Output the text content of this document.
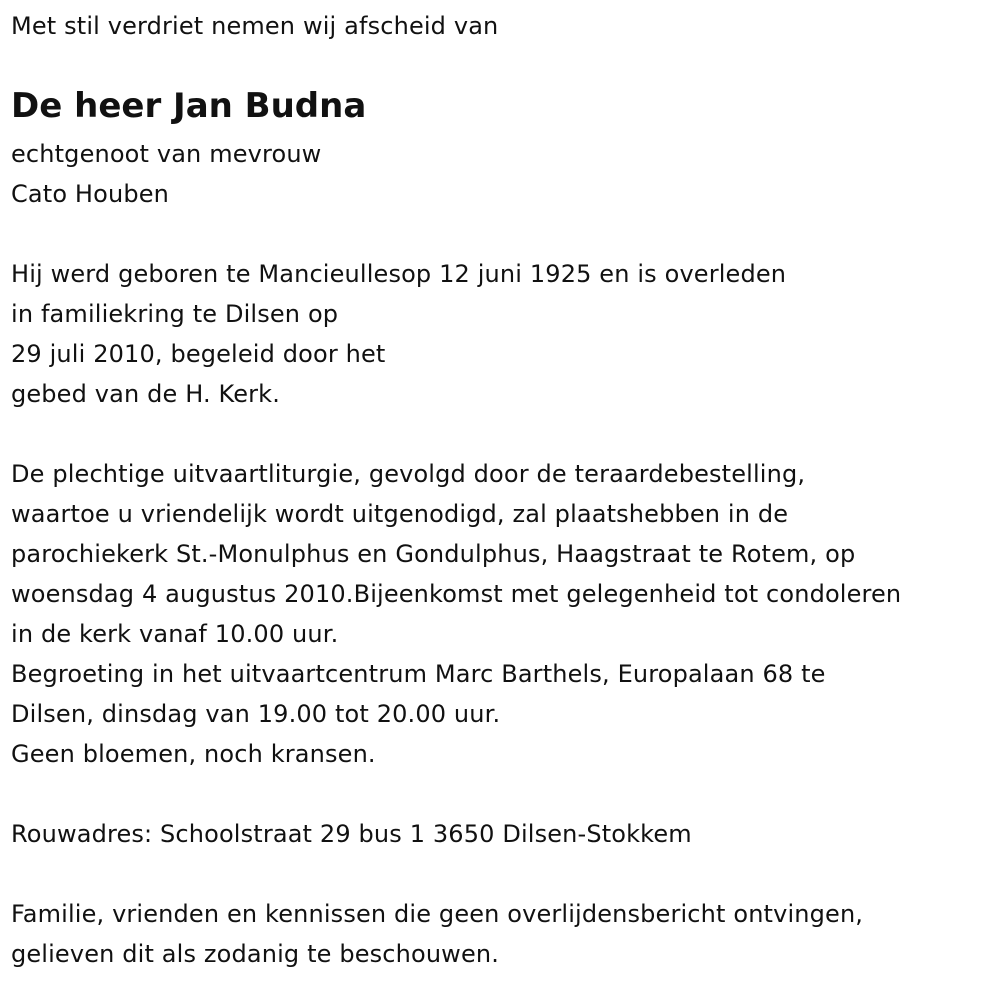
Met stil verdriet nemen wij afscheid van
De heer Jan Budna
echtgenoot van mevrouw
Cato Houben
Hij werd geboren te Mancieullesop 12 juni 1925 en is overleden
in familiekring te Dilsen op
29 juli 2010, begeleid door het
gebed van de H. Kerk.
De plechtige uitvaartliturgie, gevolgd door de teraardebestelling,
waartoe u vriendelijk wordt uitgenodigd, zal plaatshebben in de
parochiekerk St.-Monulphus en Gondulphus, Haagstraat te Rotem, op
woensdag 4 augustus 2010.Bijeenkomst met gelegenheid tot condoleren
in de kerk vanaf 10.00 uur.
Begroeting in het uitvaartcentrum Marc Barthels, Europalaan 68 te
Dilsen, dinsdag van 19.00 tot 20.00 uur.
Geen bloemen, noch kransen.
Rouwadres: Schoolstraat 29 bus 1 3650 Dilsen-Stokkem
Familie, vrienden en kennissen die geen overlijdensbericht ontvingen,
gelieven dit als zodanig te beschouwen.
